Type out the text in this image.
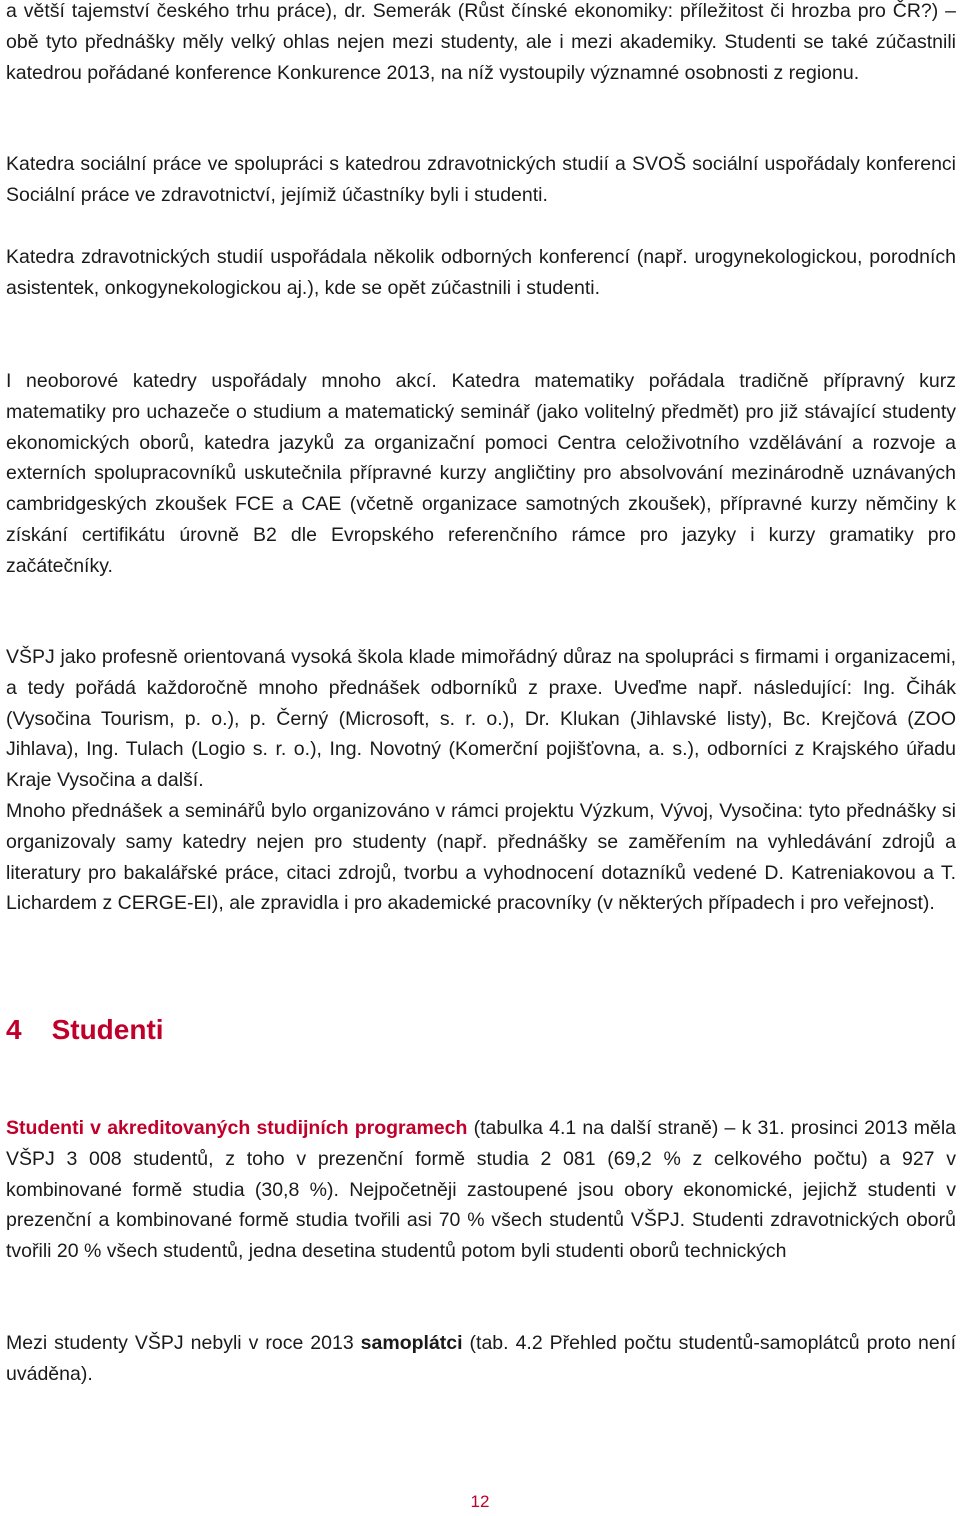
a větší tajemství českého trhu práce), dr. Semerák (Růst čínské ekonomiky: příležitost či hrozba pro ČR?) – obě tyto přednášky měly velký ohlas nejen mezi studenty, ale i mezi akademiky. Studenti se také zúčastnili katedrou pořádané konference Konkurence 2013, na níž vystoupily významné osobnosti z regionu.

Katedra sociální práce ve spolupráci s katedrou zdravotnických studií a SVOŠ sociální uspořádaly konferenci Sociální práce ve zdravotnictví, jejímiž účastníky byli i studenti.

Katedra zdravotnických studií uspořádala několik odborných konferencí (např. urogynekologickou, porodních asistentek, onkogynekologickou aj.), kde se opět zúčastnili i studenti.

I neoborové katedry uspořádaly mnoho akcí. Katedra matematiky pořádala tradičně přípravný kurz matematiky pro uchazeče o studium a matematický seminář (jako volitelný předmět) pro již stávající studenty ekonomických oborů, katedra jazyků za organizační pomoci Centra celoživotního vzdělávání a rozvoje a externích spolupracovníků uskutečnila přípravné kurzy angličtiny pro absolvování mezinárodně uznávaných cambridgeských zkoušek FCE a CAE (včetně organizace samotných zkoušek), přípravné kurzy němčiny k získání certifikátu úrovně B2 dle Evropského referenčního rámce pro jazyky i kurzy gramatiky pro začátečníky.

VŠPJ jako profesně orientovaná vysoká škola klade mimořádný důraz na spolupráci s firmami i organizacemi, a tedy pořádá každoročně mnoho přednášek odborníků z praxe. Uveďme např. následující: Ing. Čihák (Vysočina Tourism, p. o.), p. Černý (Microsoft, s. r. o.), Dr. Klukan (Jihlavské listy), Bc. Krejčová (ZOO Jihlava), Ing. Tulach (Logio s. r. o.), Ing. Novotný (Komerční pojišťovna, a. s.), odborníci z Krajského úřadu Kraje Vysočina a další.

Mnoho přednášek a seminářů bylo organizováno v rámci projektu Výzkum, Vývoj, Vysočina: tyto přednášky si organizovaly samy katedry nejen pro studenty (např. přednášky se zaměřením na vyhledávání zdrojů a literatury pro bakalářské práce, citaci zdrojů, tvorbu a vyhodnocení dotazníků vedené D. Katreniakovou a T. Lichardem z CERGE-EI), ale zpravidla i pro akademické pracovníky (v některých případech i pro veřejnost).

4 Studenti

Studenti v akreditovaných studijních programech (tabulka 4.1 na další straně) – k 31. prosinci 2013 měla VŠPJ 3 008 studentů, z toho v prezenční formě studia 2 081 (69,2 % z celkového počtu) a 927 v kombinované formě studia (30,8 %). Nejpočetněji zastoupené jsou obory ekonomické, jejichž studenti v prezenční a kombinované formě studia tvořili asi 70 % všech studentů VŠPJ. Studenti zdravotnických oborů tvořili 20 % všech studentů, jedna desetina studentů potom byli studenti oborů technických

Mezi studenty VŠPJ nebyli v roce 2013 samoplátci (tab. 4.2 Přehled počtu studentů-samoplátců proto není uváděna).

12
